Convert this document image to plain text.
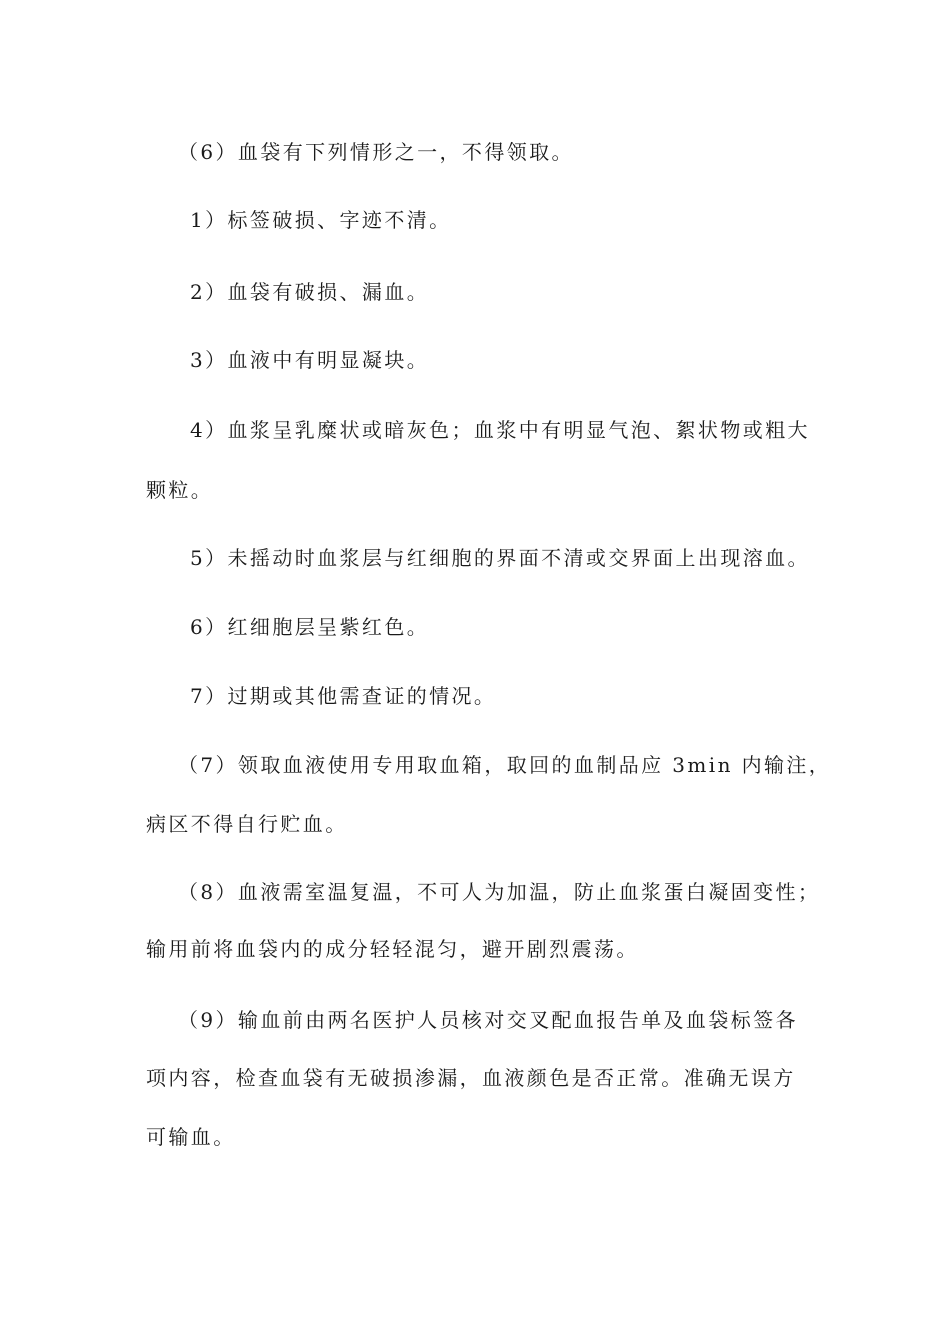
（6）血袋有下列情形之一，不得领取。
1）标签破损、字迹不清。
2）血袋有破损、漏血。
3）血液中有明显凝块。
4）血浆呈乳糜状或暗灰色；血浆中有明显气泡、絮状物或粗大
颗粒。
5）未摇动时血浆层与红细胞的界面不清或交界面上出现溶血。
6）红细胞层呈紫红色。
7）过期或其他需查证的情况。
（7）领取血液使用专用取血箱，取回的血制品应 3min 内输注，
病区不得自行贮血。
（8）血液需室温复温，不可人为加温，防止血浆蛋白凝固变性；
输用前将血袋内的成分轻轻混匀，避开剧烈震荡。
（9）输血前由两名医护人员核对交叉配血报告单及血袋标签各
项内容，检查血袋有无破损渗漏，血液颜色是否正常。准确无误方
可输血。
